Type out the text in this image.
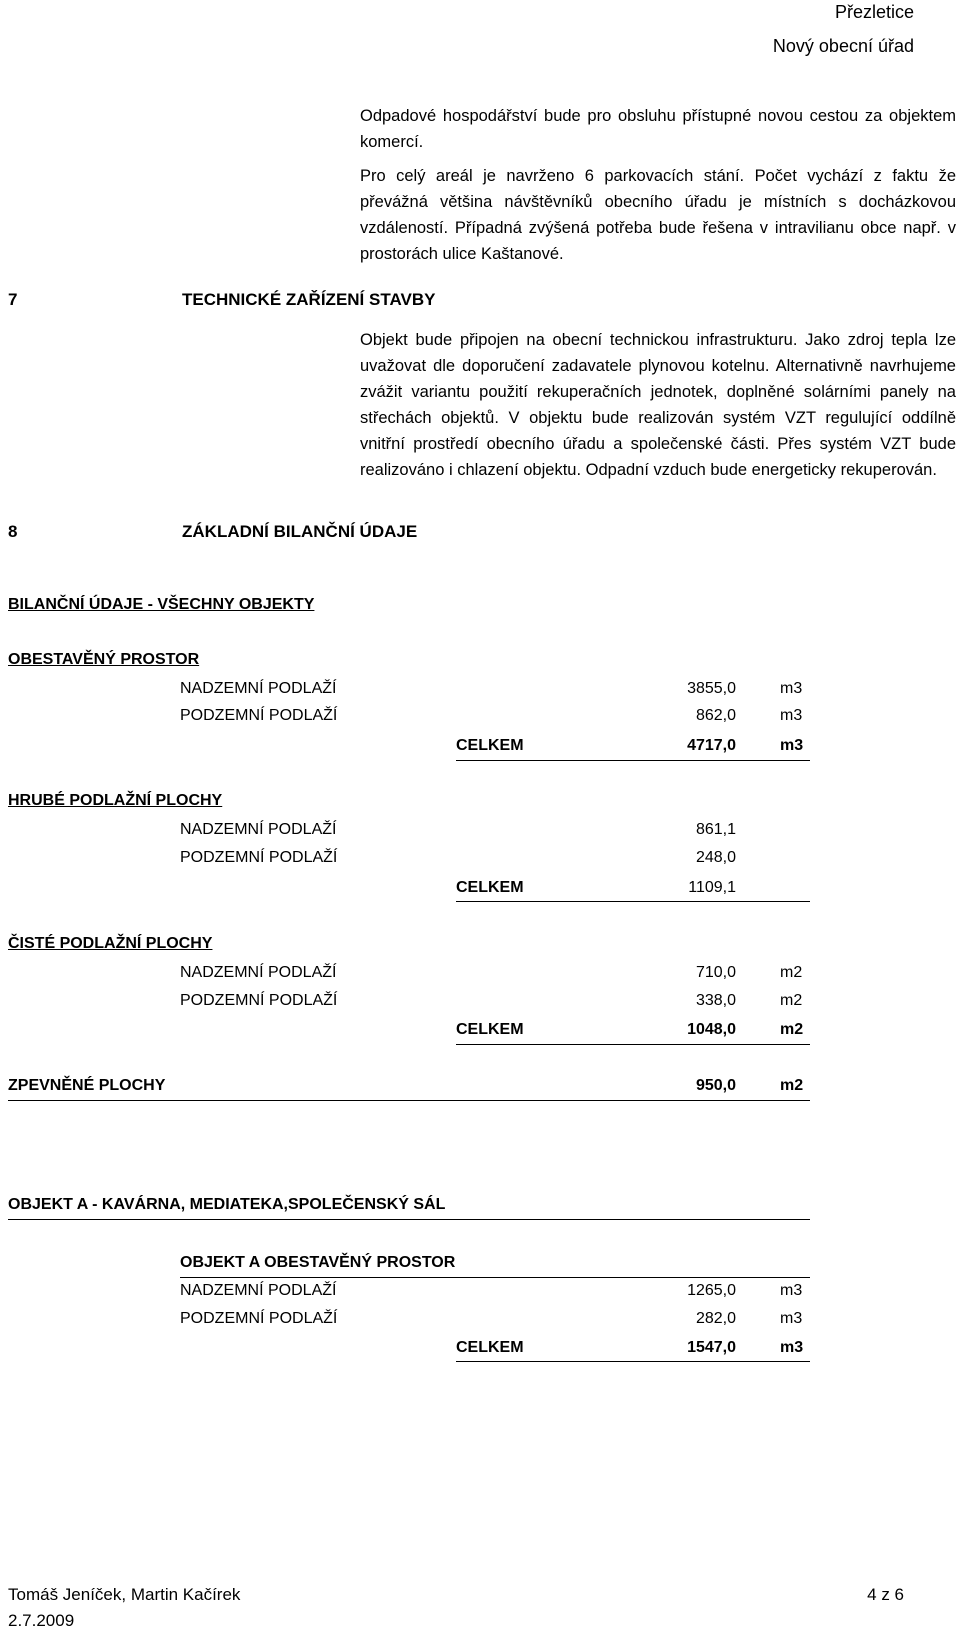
Přezletice
Nový obecní úřad
Odpadové hospodářství bude pro obsluhu přístupné novou cestou za objektem komercí.
Pro celý areál je navrženo 6 parkovacích stání. Počet vychází z faktu že převážná většina návštěvníků obecního úřadu je místních s docházkovou vzdáleností. Případná zvýšená potřeba bude řešena v intravilianu obce např. v prostorách ulice Kaštanové.
7	TECHNICKÉ ZAŘÍZENÍ STAVBY
Objekt bude připojen na obecní technickou infrastrukturu. Jako zdroj tepla lze uvažovat dle doporučení zadavatele plynovou kotelnu. Alternativně navrhujeme zvážit variantu použití rekuperačních jednotek, doplněné solárními panely na střechách objektů. V objektu bude realizován systém VZT regulující oddílně vnitřní prostředí obecního úřadu a společenské části. Přes systém VZT bude realizováno i chlazení objektu. Odpadní vzduch bude energeticky rekuperován.
8	ZÁKLADNÍ BILANČNÍ ÚDAJE
BILANČNÍ ÚDAJE - VŠECHNY OBJEKTY
OBESTAVĚNÝ PROSTOR
NADZEMNÍ PODLAŽÍ	3855,0	m3
PODZEMNÍ PODLAŽÍ	862,0	m3
CELKEM	4717,0	m3
HRUBÉ PODLAŽNÍ PLOCHY
NADZEMNÍ PODLAŽÍ	861,1
PODZEMNÍ PODLAŽÍ	248,0
CELKEM	1109,1
ČISTÉ PODLAŽNÍ PLOCHY
NADZEMNÍ PODLAŽÍ	710,0	m2
PODZEMNÍ PODLAŽÍ	338,0	m2
CELKEM	1048,0	m2
ZPEVNĚNÉ PLOCHY	950,0	m2
OBJEKT A - KAVÁRNA, MEDIATEKA,SPOLEČENSKÝ SÁL
OBJEKT A OBESTAVĚNÝ PROSTOR
NADZEMNÍ PODLAŽÍ	1265,0	m3
PODZEMNÍ PODLAŽÍ	282,0	m3
CELKEM	1547,0	m3
Tomáš Jeníček, Martin Kačírek
2.7.2009
4 z 6
